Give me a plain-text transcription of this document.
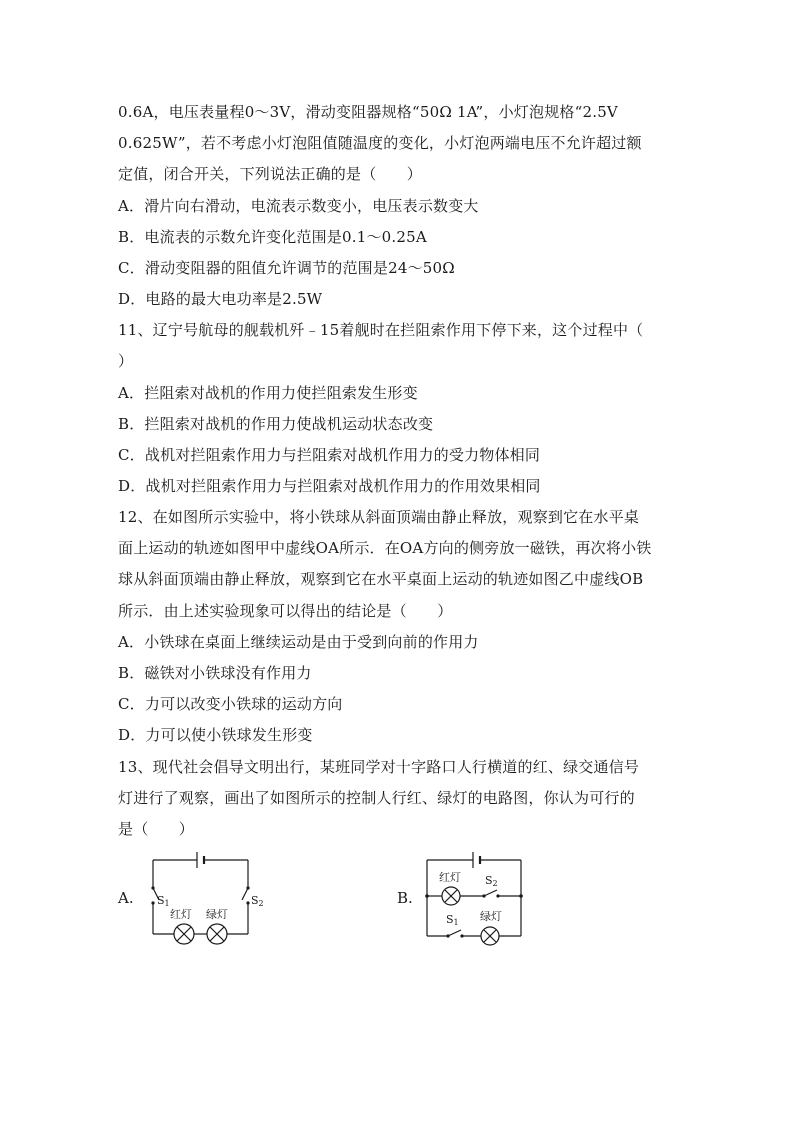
0.6A，电压表量程0～3V，滑动变阻器规格“50Ω 1A”，小灯泡规格“2.5V
0.625W”，若不考虑小灯泡阻值随温度的变化，小灯泡两端电压不允许超过额
定值，闭合开关，下列说法正确的是（　　）
A．滑片向右滑动，电流表示数变小，电压表示数变大
B．电流表的示数允许变化范围是0.1～0.25A
C．滑动变阻器的阻值允许调节的范围是24～50Ω
D．电路的最大电功率是2.5W
11、辽宁号航母的舰载机歼﹣15着舰时在拦阻索作用下停下来，这个过程中（
）
A．拦阻索对战机的作用力使拦阻索发生形变
B．拦阻索对战机的作用力使战机运动状态改变
C．战机对拦阻索作用力与拦阻索对战机作用力的受力物体相同
D．战机对拦阻索作用力与拦阻索对战机作用力的作用效果相同
12、在如图所示实验中，将小铁球从斜面顶端由静止释放，观察到它在水平桌
面上运动的轨迹如图甲中虚线OA所示．在OA方向的侧旁放一磁铁，再次将小铁
球从斜面顶端由静止释放，观察到它在水平桌面上运动的轨迹如图乙中虚线OB
所示．由上述实验现象可以得出的结论是（　　）
A．小铁球在桌面上继续运动是由于受到向前的作用力
B．磁铁对小铁球没有作用力
C．力可以改变小铁球的运动方向
D．力可以使小铁球发生形变
13、现代社会倡导文明出行，某班同学对十字路口人行横道的红、绿交通信号
灯进行了观察，画出了如图所示的控制人行红、绿灯的电路图，你认为可行的
是（　　）
A. S1	S2
红灯 绿灯
B.
红灯 S2
S1 绿灯
